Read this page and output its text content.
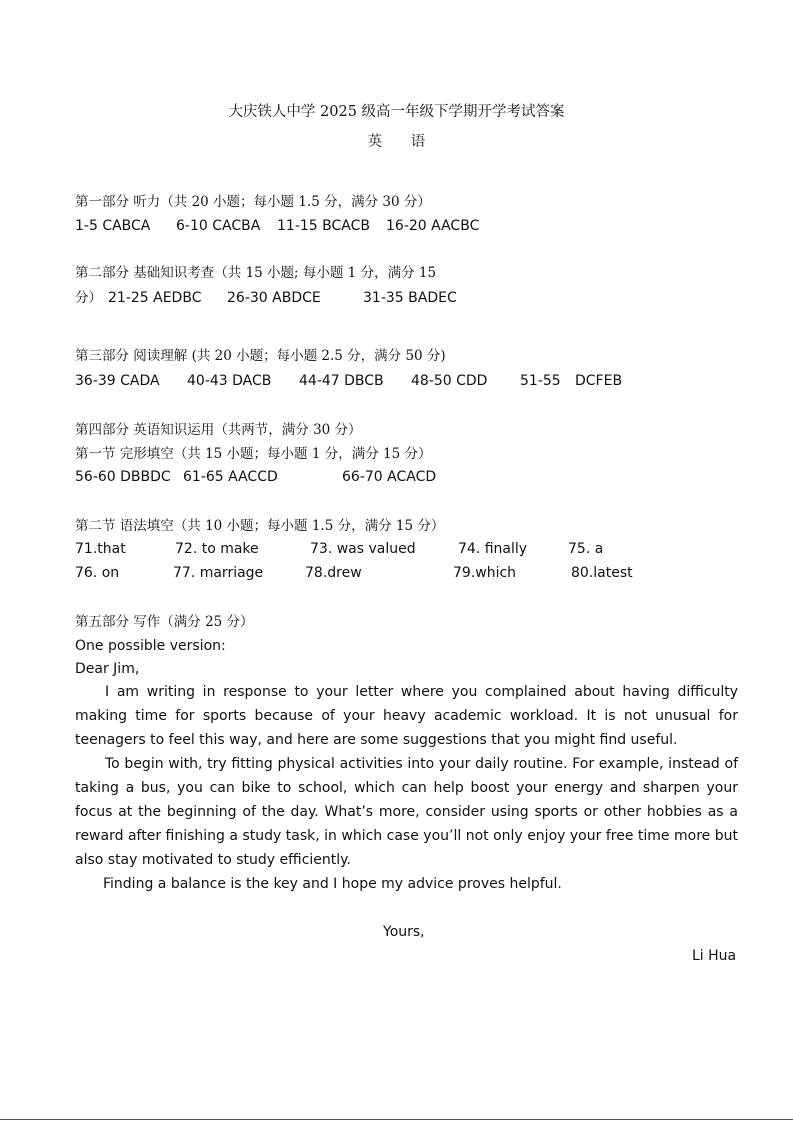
大庆铁人中学 2025 级高一年级下学期开学考试答案
英 语
第一部分 听力（共 20 小题；每小题 1.5 分，满分 30 分）
1-5 CABCA 6-10 CACBA 11-15 BCACB 16-20 AACBC
第二部分 基础知识考查（共 15 小题; 每小题 1 分，满分 15
分） 21-25 AEDBC 26-30 ABDCE	31-35 BADEC
第三部分 阅读理解 (共 20 小题；每小题 2.5 分，满分 50 分)
36-39 CADA 40-43 DACB 44-47 DBCB 48-50 CDD 51-55 DCFEB
第四部分 英语知识运用（共两节，满分 30 分）
第一节 完形填空（共 15 小题；每小题 1 分，满分 15 分）
56-60 DBBDC 61-65 AACCD	66-70 ACACD
第二节 语法填空（共 10 小题；每小题 1.5 分，满分 15 分）
71.that	72. to make	73. was valued	74. finally	75. a
76. on	77. marriage	78.drew	79.which	80.latest
第五部分 写作（满分 25 分）
One possible version:
Dear Jim,
I am writing in response to your letter where you complained about having difficulty making time for sports because of your heavy academic workload. It is not unusual for teenagers to feel this way, and here are some suggestions that you might find useful.
To begin with, try fitting physical activities into your daily routine. For example, instead of taking a bus, you can bike to school, which can help boost your energy and sharpen your focus at the beginning of the day. What’s more, consider using sports or other hobbies as a reward after finishing a study task, in which case you’ll not only enjoy your free time more but also stay motivated to study efficiently.
Finding a balance is the key and I hope my advice proves helpful.
Yours,
Li Hua
